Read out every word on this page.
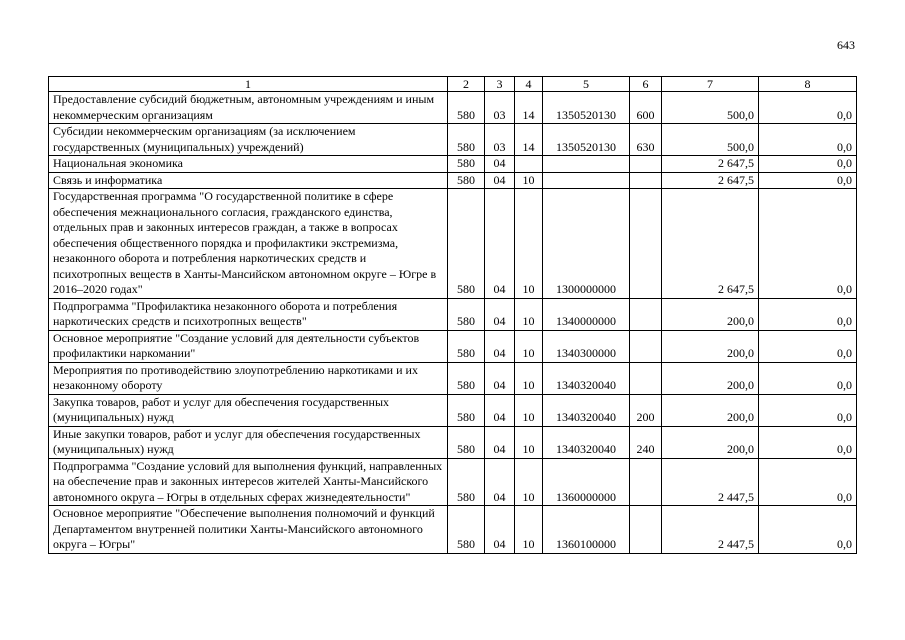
643
1	2	3	4	5	6	7	8
Предоставление субсидий бюджетным, автономным учреждениям и иным некоммерческим организациям	580	03	14	1350520130	600	500,0	0,0
Субсидии некоммерческим организациям (за исключением государственных (муниципальных) учреждений)	580	03	14	1350520130	630	500,0	0,0
Национальная экономика	580	04				2 647,5	0,0
Связь и информатика	580	04	10			2 647,5	0,0
Государственная программа "О государственной политике в сфере обеспечения межнационального согласия, гражданского единства, отдельных прав и законных интересов граждан, а также в вопросах обеспечения общественного порядка и профилактики экстремизма, незаконного оборота и потребления наркотических средств и психотропных веществ в Ханты-Мансийском автономном округе – Югре в 2016–2020 годах"	580	04	10	1300000000		2 647,5	0,0
Подпрограмма "Профилактика незаконного оборота и потребления наркотических средств и психотропных веществ"	580	04	10	1340000000		200,0	0,0
Основное мероприятие "Создание условий для деятельности субъектов профилактики наркомании"	580	04	10	1340300000		200,0	0,0
Мероприятия по противодействию злоупотреблению наркотиками и их незаконному обороту	580	04	10	1340320040		200,0	0,0
Закупка товаров, работ и услуг для обеспечения государственных (муниципальных) нужд	580	04	10	1340320040	200	200,0	0,0
Иные закупки товаров, работ и услуг для обеспечения государственных (муниципальных) нужд	580	04	10	1340320040	240	200,0	0,0
Подпрограмма "Создание условий для выполнения функций, направленных на обеспечение прав и законных интересов жителей Ханты-Мансийского автономного округа – Югры в отдельных сферах жизнедеятельности"	580	04	10	1360000000		2 447,5	0,0
Основное мероприятие "Обеспечение выполнения полномочий и функций Департаментом внутренней политики Ханты-Мансийского автономного округа – Югры"	580	04	10	1360100000		2 447,5	0,0
